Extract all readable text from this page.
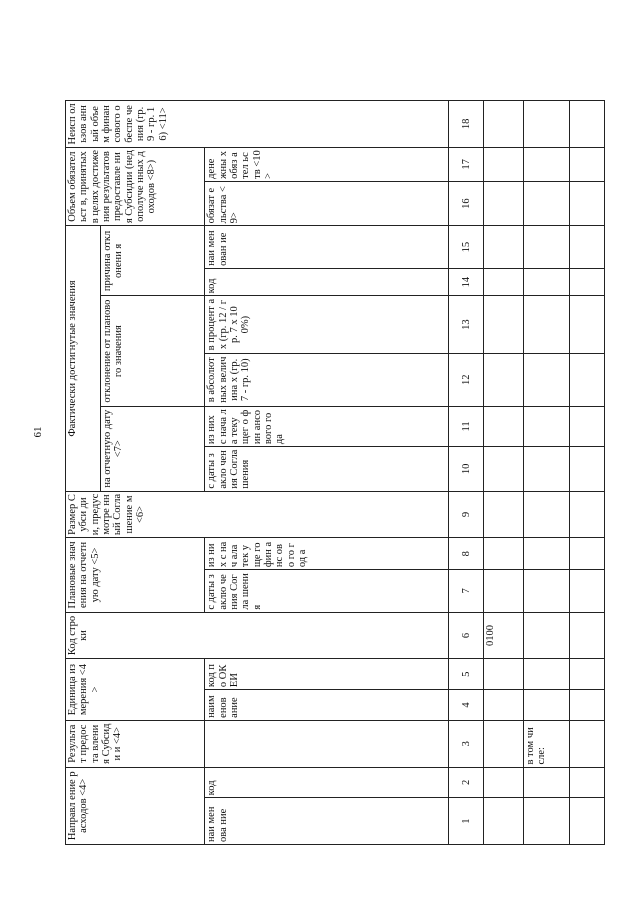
61
Направл ение расходов <4>		Результа т предоста вления Субсиди и <4>	Единица измерения <4>		Код строки	Плановые значения на отчетную дату <5>		Размер Субси дии, предус мотре нный Согла шение м <6>	Фактически достигнутые значения						Объем обязательст в, принятых в целях достижения результатов предоставле ния Субсидии (недополуче нных доходов <8>)		Неисп ользов анный объем финан сового обеспе чения (гр. 9 - гр. 16) <11>
									на отчетную дату <7>		отклонение от планового значения		причина отклонени я				
наи мен ова ние	код		наим енов ание	код по ОК ЕИ		с даты заклю чения Согла шения	из них с нач ала тек уще го фин анс ово го год а		с даты закло чения Согла шения	из них с нача ла теку щег о фин ансо вого года	в абсолют ных величина х (гр. 7 - гр. 10)	в процент ах (гр. 12 / гр. 7 x 100%)	код	наи мен ован ие	обязат ельства <9>	дене жны х обяз ател ьств <10 >	
1	2	3	4	5	6	7	8	9	10	11	12	13	14	15	16	17	18
					0100												
		в том числе:															
